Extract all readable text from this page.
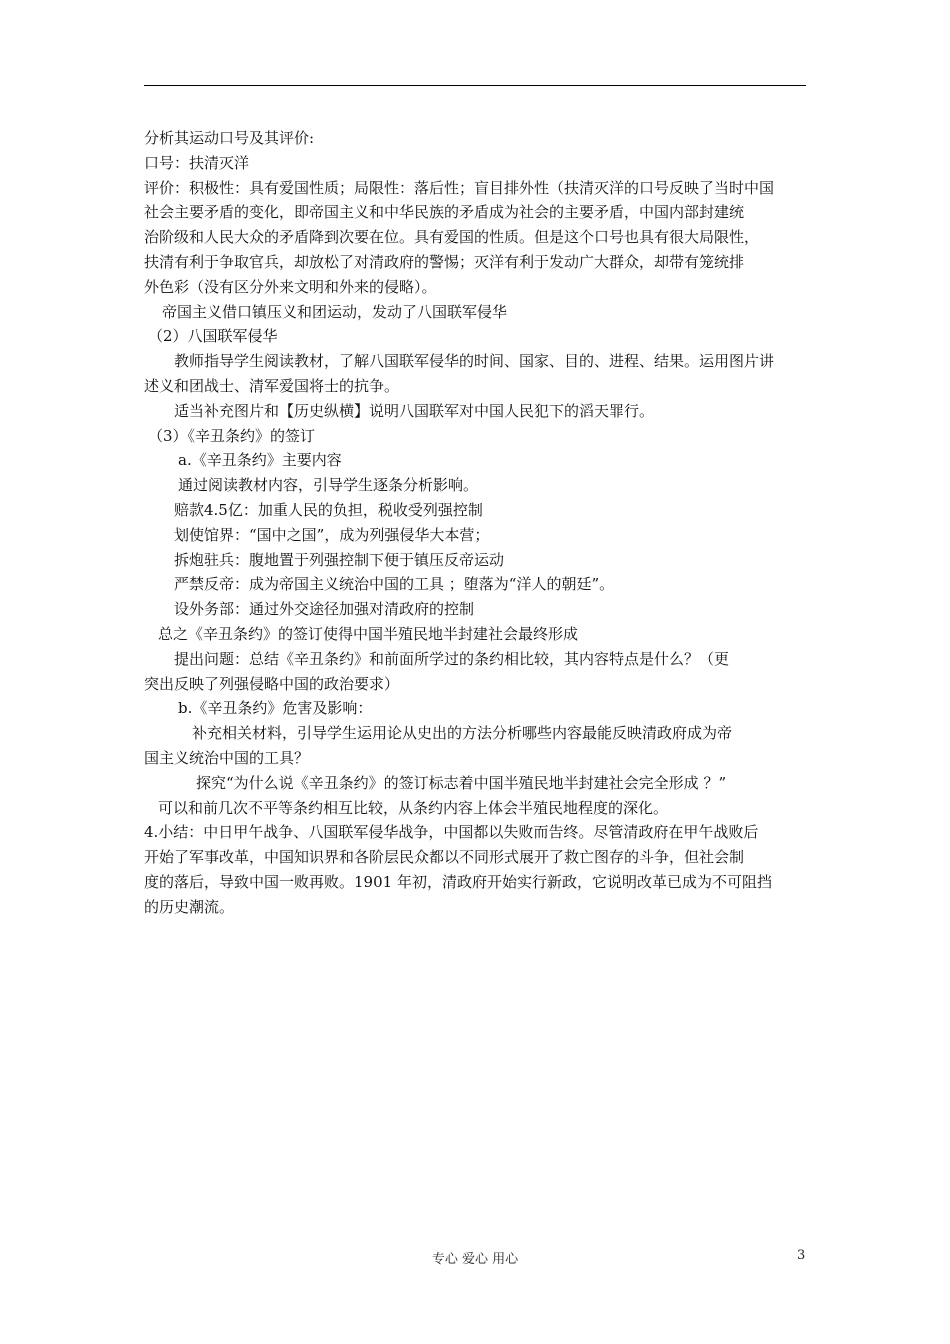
分析其运动口号及其评价:
口号：扶清灭洋
评价：积极性：具有爱国性质；局限性：落后性；盲目排外性（扶清灭洋的口号反映了当时中国
社会主要矛盾的变化，即帝国主义和中华民族的矛盾成为社会的主要矛盾，中国内部封建统
治阶级和人民大众的矛盾降到次要在位。具有爱国的性质。但是这个口号也具有很大局限性，
扶清有利于争取官兵，却放松了对清政府的警惕；灭洋有利于发动广大群众，却带有笼统排
外色彩（没有区分外来文明和外来的侵略）。
帝国主义借口镇压义和团运动，发动了八国联军侵华
（2）八国联军侵华
教师指导学生阅读教材，了解八国联军侵华的时间、国家、目的、进程、结果。运用图片讲
述义和团战士、清军爱国将士的抗争。
适当补充图片和【历史纵横】说明八国联军对中国人民犯下的滔天罪行。
（3）《辛丑条约》的签订
a.《辛丑条约》主要内容
通过阅读教材内容，引导学生逐条分析影响。
赔款4.5亿：加重人民的负担，税收受列强控制
划使馆界：“国中之国”，成为列强侵华大本营；
拆炮驻兵：腹地置于列强控制下便于镇压反帝运动
严禁反帝：成为帝国主义统治中国的工具 ；堕落为“洋人的朝廷”。
设外务部：通过外交途径加强对清政府的控制
总之《辛丑条约》的签订使得中国半殖民地半封建社会最终形成
提出问题：总结《辛丑条约》和前面所学过的条约相比较，其内容特点是什么？（更
突出反映了列强侵略中国的政治要求）
b.《辛丑条约》危害及影响：
补充相关材料，引导学生运用论从史出的方法分析哪些内容最能反映清政府成为帝
国主义统治中国的工具？
探究“为什么说《辛丑条约》的签订标志着中国半殖民地半封建社会完全形成 ？”
可以和前几次不平等条约相互比较，从条约内容上体会半殖民地程度的深化。
4.小结：中日甲午战争、八国联军侵华战争，中国都以失败而告终。尽管清政府在甲午战败后
开始了军事改革，中国知识界和各阶层民众都以不同形式展开了救亡图存的斗争，但社会制
度的落后，导致中国一败再败。1901 年初，清政府开始实行新政，它说明改革已成为不可阻挡
的历史潮流。
专心 爱心 用心	3
